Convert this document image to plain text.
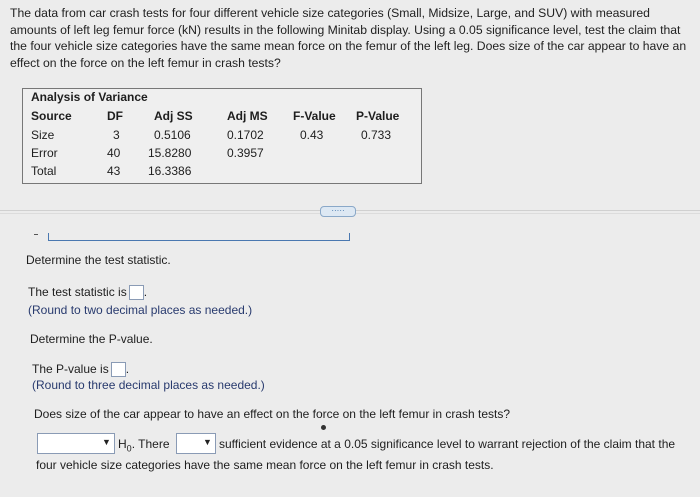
The data from car crash tests for four different vehicle size categories (Small, Midsize, Large, and SUV) with measured amounts of left leg femur force (kN) results in the following Minitab display. Using a 0.05 significance level, test the claim that the four vehicle size categories have the same mean force on the femur of the left leg. Does size of the car appear to have an effect on the force on the left femur in crash tests?
Analysis of Variance
Source	DF	Adj SS	Adj MS F-Value P-Value
Size	3	0.5106	0.1702	0.43	0.733
Error	40 15.8280	0.3957
Total	43 16.3386
·····
Determine the test statistic.
The test statistic is .
(Round to two decimal places as needed.)
Determine the P-value.
The P-value is .
(Round to three decimal places as needed.)
Does size of the car appear to have an effect on the force on the left femur in crash tests?
▼ $H_0$. There	▼ sufficient evidence at a 0.05 significance level to warrant rejection of the claim that the
four vehicle size categories have the same mean force on the left femur in crash tests.
